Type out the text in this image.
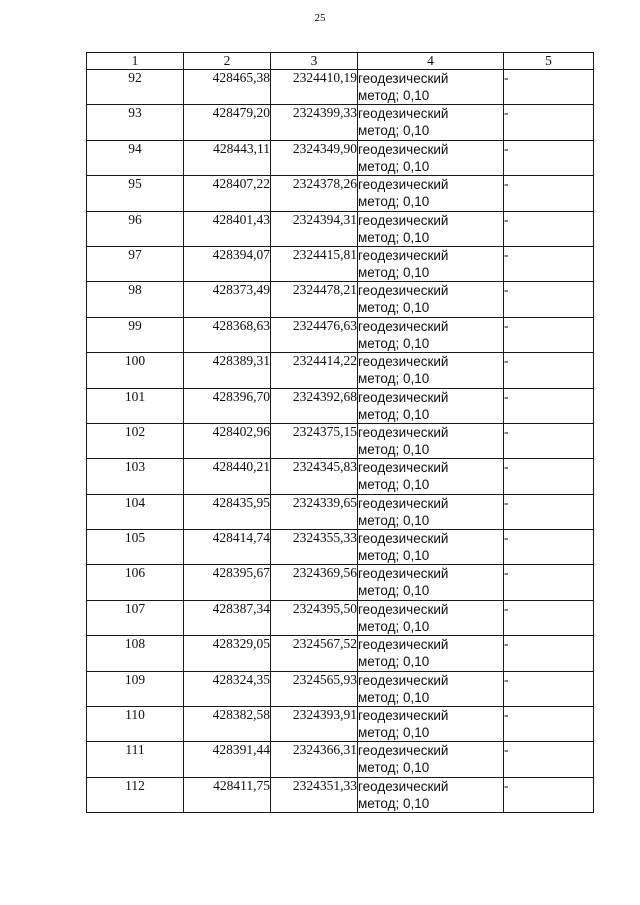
25
1	2	3	4	5
92	428465,38	2324410,19	геодезический
метод; 0,10	-
93	428479,20	2324399,33	геодезический
метод; 0,10	-
94	428443,11	2324349,90	геодезический
метод; 0,10	-
95	428407,22	2324378,26	геодезический
метод; 0,10	-
96	428401,43	2324394,31	геодезический
метод; 0,10	-
97	428394,07	2324415,81	геодезический
метод; 0,10	-
98	428373,49	2324478,21	геодезический
метод; 0,10	-
99	428368,63	2324476,63	геодезический
метод; 0,10	-
100	428389,31	2324414,22	геодезический
метод; 0,10	-
101	428396,70	2324392,68	геодезический
метод; 0,10	-
102	428402,96	2324375,15	геодезический
метод; 0,10	-
103	428440,21	2324345,83	геодезический
метод; 0,10	-
104	428435,95	2324339,65	геодезический
метод; 0,10	-
105	428414,74	2324355,33	геодезический
метод; 0,10	-
106	428395,67	2324369,56	геодезический
метод; 0,10	-
107	428387,34	2324395,50	геодезический
метод; 0,10	-
108	428329,05	2324567,52	геодезический
метод; 0,10	-
109	428324,35	2324565,93	геодезический
метод; 0,10	-
110	428382,58	2324393,91	геодезический
метод; 0,10	-
111	428391,44	2324366,31	геодезический
метод; 0,10	-
112	428411,75	2324351,33	геодезический
метод; 0,10	-
